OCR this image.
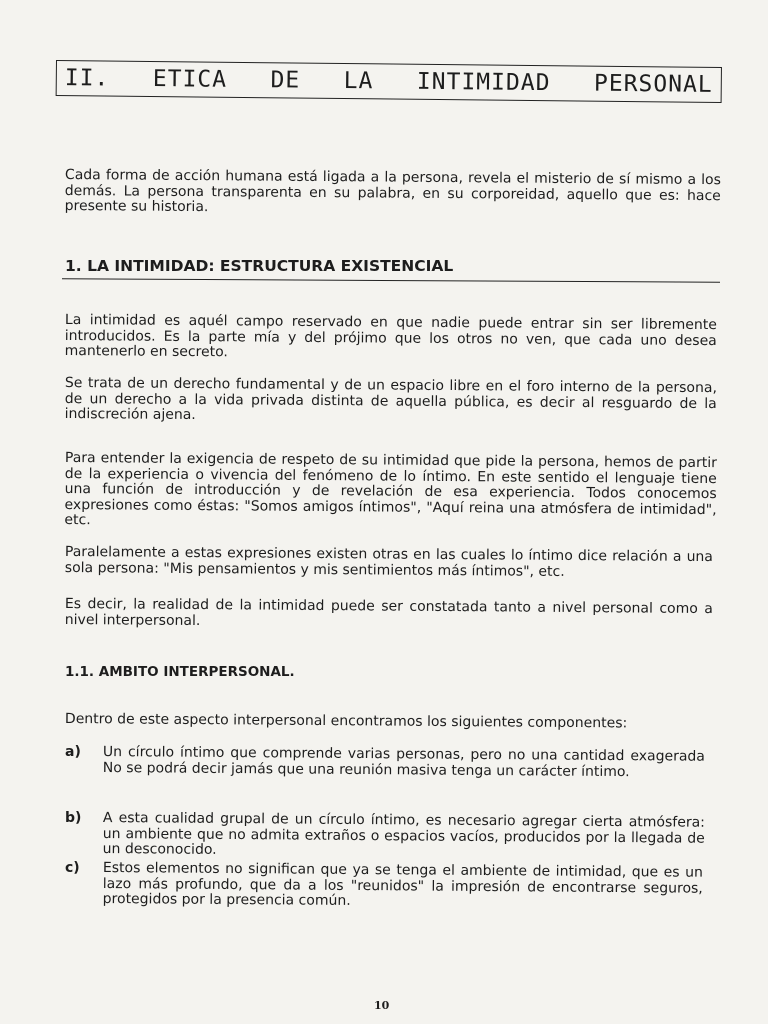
II. ETICA DE LA INTIMIDAD PERSONAL

Cada forma de acción humana está ligada a la persona, revela el misterio de sí mismo a los demás. La persona transparenta en su palabra, en su corporeidad, aquello que es: hace presente su historia.

1. LA INTIMIDAD: ESTRUCTURA EXISTENCIAL

La intimidad es aquél campo reservado en que nadie puede entrar sin ser libremente introducidos. Es la parte mía y del prójimo que los otros no ven, que cada uno desea mantenerlo en secreto.

Se trata de un derecho fundamental y de un espacio libre en el foro interno de la persona, de un derecho a la vida privada distinta de aquella pública, es decir al resguardo de la indiscreción ajena.

Para entender la exigencia de respeto de su intimidad que pide la persona, hemos de partir de la experiencia o vivencia del fenómeno de lo íntimo. En este sentido el lenguaje tiene una función de introducción y de revelación de esa experiencia. Todos conocemos expresiones como éstas: "Somos amigos íntimos", "Aquí reina una atmósfera de intimidad", etc.

Paralelamente a estas expresiones existen otras en las cuales lo íntimo dice relación a una sola persona: "Mis pensamientos y mis sentimientos más íntimos", etc.

Es decir, la realidad de la intimidad puede ser constatada tanto a nivel personal como a nivel interpersonal.

1.1. AMBITO INTERPERSONAL.

Dentro de este aspecto interpersonal encontramos los siguientes componentes:

a) Un círculo íntimo que comprende varias personas, pero no una cantidad exagerada No se podrá decir jamás que una reunión masiva tenga un carácter íntimo.

b) A esta cualidad grupal de un círculo íntimo, es necesario agregar cierta atmósfera: un ambiente que no admita extraños o espacios vacíos, producidos por la llegada de un desconocido.

c) Estos elementos no significan que ya se tenga el ambiente de intimidad, que es un lazo más profundo, que da a los "reunidos" la impresión de encontrarse seguros, protegidos por la presencia común.

10
